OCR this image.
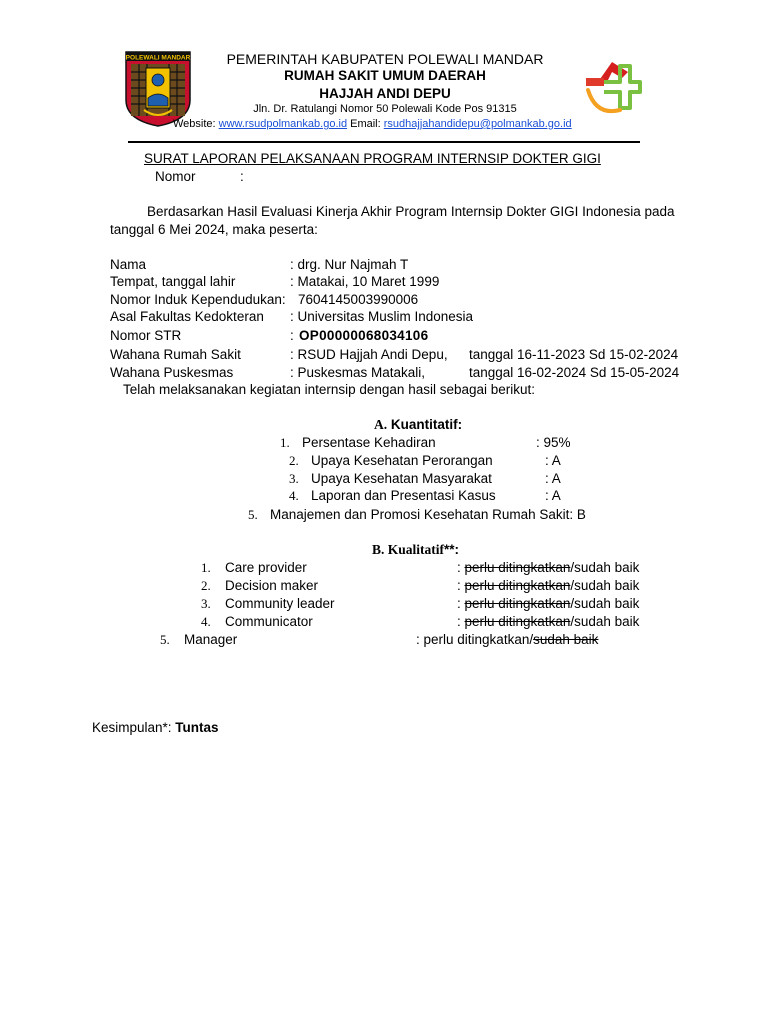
POLEWALI MANDAR	PEMERINTAH KABUPATEN POLEWALI MANDAR
RUMAH SAKIT UMUM DAERAH
HAJJAH ANDI DEPU
Jln. Dr. Ratulangi Nomor 50 Polewali Kode Pos 91315
Website: www.rsudpolmankab.go.id Email: rsudhajjahandidepu@polmankab.go.id
SURAT LAPORAN PELAKSANAAN PROGRAM INTERNSIP DOKTER GIGI
Nomor	:
Berdasarkan Hasil Evaluasi Kinerja Akhir Program Internsip Dokter GIGI Indonesia pada
tanggal 6 Mei 2024, maka peserta:
Nama	: drg. Nur Najmah T
Tempat, tanggal lahir	: Matakai, 10 Maret 1999
Nomor Induk Kependudukan: 7604145003990006
Asal Fakultas Kedokteran : Universitas Muslim Indonesia
Nomor STR	: OP00000068034106
Wahana Rumah Sakit	: RSUD Hajjah Andi Depu, tanggal 16-11-2023 Sd 15-02-2024
Wahana Puskesmas	: Puskesmas Matakali,	tanggal 16-02-2024 Sd 15-05-2024
Telah melaksanakan kegiatan internsip dengan hasil sebagai berikut:
A. Kuantitatif:
1. Persentase Kehadiran	: 95%
2. Upaya Kesehatan Perorangan	: A
3. Upaya Kesehatan Masyarakat	: A
4. Laporan dan Presentasi Kasus	: A
5. Manajemen dan Promosi Kesehatan Rumah Sakit: B
B. Kualitatif**:
1. Care provider	: perlu ditingkatkan/sudah baik
2. Decision maker	: perlu ditingkatkan/sudah baik
3. Community leader	: perlu ditingkatkan/sudah baik
4. Communicator	: perlu ditingkatkan/sudah baik
5. Manager	: perlu ditingkatkan/sudah baik
Kesimpulan*: Tuntas
